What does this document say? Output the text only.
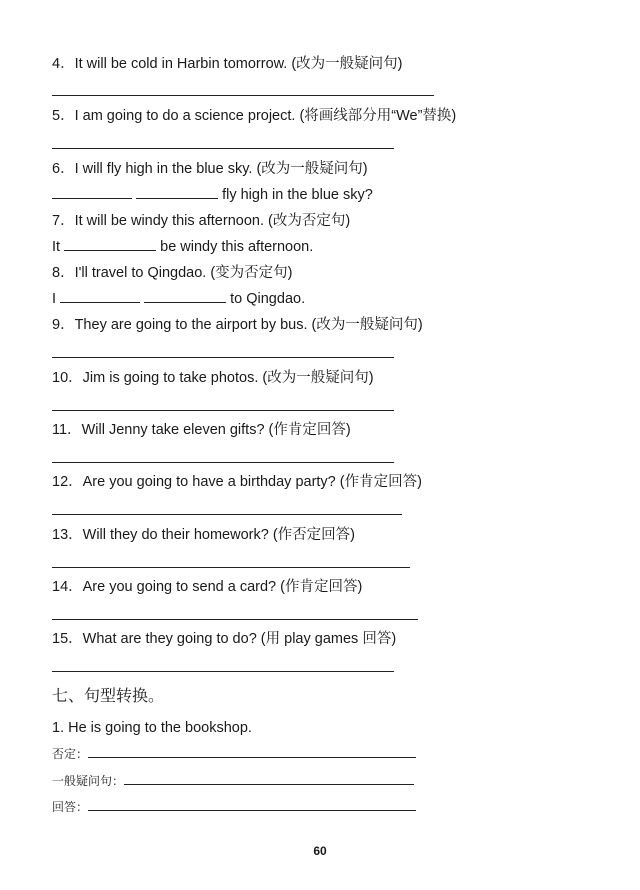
4．It will be cold in Harbin tomorrow. (改为一般疑问句)
5．I am going to do a science project. (将画线部分用“We”替换)
6．I will fly high in the blue sky. (改为一般疑问句)
fly high in the blue sky?
7．It will be windy this afternoon. (改为否定句)
It	be windy this afternoon.
8．I'll travel to Qingdao. (变为否定句)
I	to Qingdao.
9．They are going to the airport by bus. (改为一般疑问句)
10．Jim is going to take photos. (改为一般疑问句)
11．Will Jenny take eleven gifts? (作肯定回答)
12．Are you going to have a birthday party? (作肯定回答)
13．Will they do their homework? (作否定回答)
14．Are you going to send a card? (作肯定回答)
15．What are they going to do? (用 play games 回答)
七、句型转换。
1. He is going to the bookshop.
否定：
一般疑问句：
回答：
60
